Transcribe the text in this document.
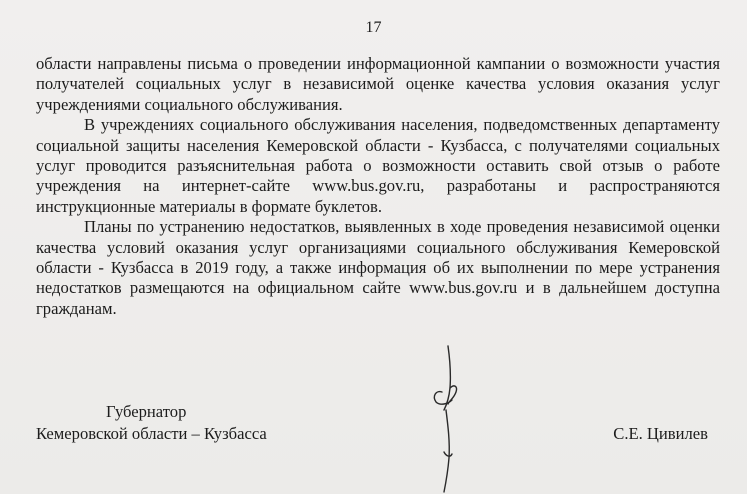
17

области направлены письма о проведении информационной кампании о возможности участия получателей социальных услуг в независимой оценке качества условия оказания услуг учреждениями социального обслуживания.

В учреждениях социального обслуживания населения, подведомственных департаменту социальной защиты населения Кемеровской области - Кузбасса, с получателями социальных услуг проводится разъяснительная работа о возможности оставить свой отзыв о работе учреждения на интернет-сайте www.bus.gov.ru, разработаны и распространяются инструкционные материалы в формате буклетов.

Планы по устранению недостатков, выявленных в ходе проведения независимой оценки качества условий оказания услуг организациями социального обслуживания Кемеровской области - Кузбасса в 2019 году, а также информация об их выполнении по мере устранения недостатков размещаются на официальном сайте www.bus.gov.ru и в дальнейшем доступна гражданам.

Губернатор
Кемеровской области – Кузбасса	С.Е. Цивилев
